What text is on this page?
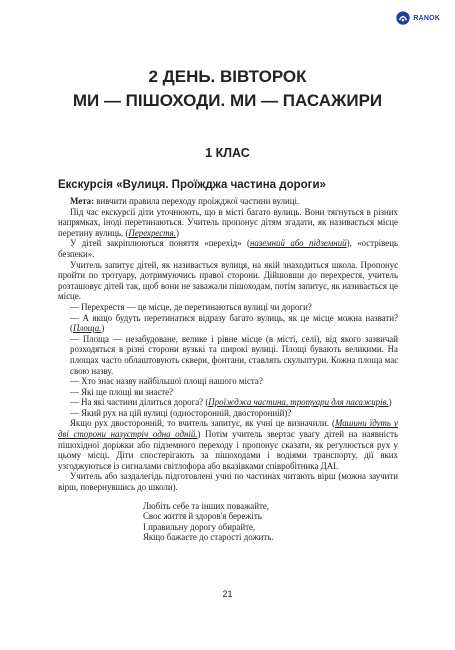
RANOK
2 ДЕНЬ. ВІВТОРОК
МИ — ПІШОХОДИ. МИ — ПАСАЖИРИ
1 КЛАС
Екскурсія «Вулиця. Проїжджа частина дороги»

Мета: вивчити правила переходу проїжджої частини вулиці.

Під час екскурсії діти уточнюють, що в місті багато вулиць. Вони тягнуться в різних напрямках, іноді перетинаються. Учитель пропонує дітям згадати, як називається місце перетину вулиць. (Перехрестя.)

У дітей закріплюються поняття «перехід» (наземний або підземний), «острівець безпеки».

Учитель запитує дітей, як називається вулиця, на якій знаходиться школа. Пропонує пройти по тротуару, дотримуючись правої сторони. Дійшовши до перехрестя, учитель розташовує дітей так, щоб вони не заважали пішоходам, потім запитує, як називається це місце.

— Перехрестя — це місце, де перетинаються вулиці чи дороги?

— А якщо будуть перетинатися відразу багато вулиць, як це місце можна назвати? (Площа.)

— Площа — незабудоване, велике і рівне місце (в місті, селі), від якого зазвичай розходяться в різні сторони вузькі та широкі вулиці. Площі бувають великими. На площах часто облаштовують сквери, фонтани, ставлять скульптури. Кожна площа має свою назву.

— Хто знає назву найбільшої площі нашого міста?

— Які ще площі ви знаєте?

— На які частини ділиться дорога? (Проїжджа частина, тротуари для пасажирів.)

— Який рух на цій вулиці (односторонній, двосторонній)?

Якщо рух двосторонній, то вчитель запитує, як учні це визначили. (Машини їдуть у дві сторони назустріч одна одній.) Потім учитель звертає увагу дітей на наявність пішохідної доріжки або підземного переходу і пропонує сказати, як регулюється рух у цьому місці. Діти спостерігають за пішоходами і водіями транспорту, дії яких узгоджуються із сигналами світлофора або вказівками співробітника ДАІ.

Учитель або заздалегідь підготовлені учні по частинах читають вірш (можна заучити вірш, повернувшись до школи).

Любіть себе та інших поважайте,
Своє життя й здоров'я бережіть
І правильну дорогу обирайте,
Якщо бажаєте до старості дожить.
21
